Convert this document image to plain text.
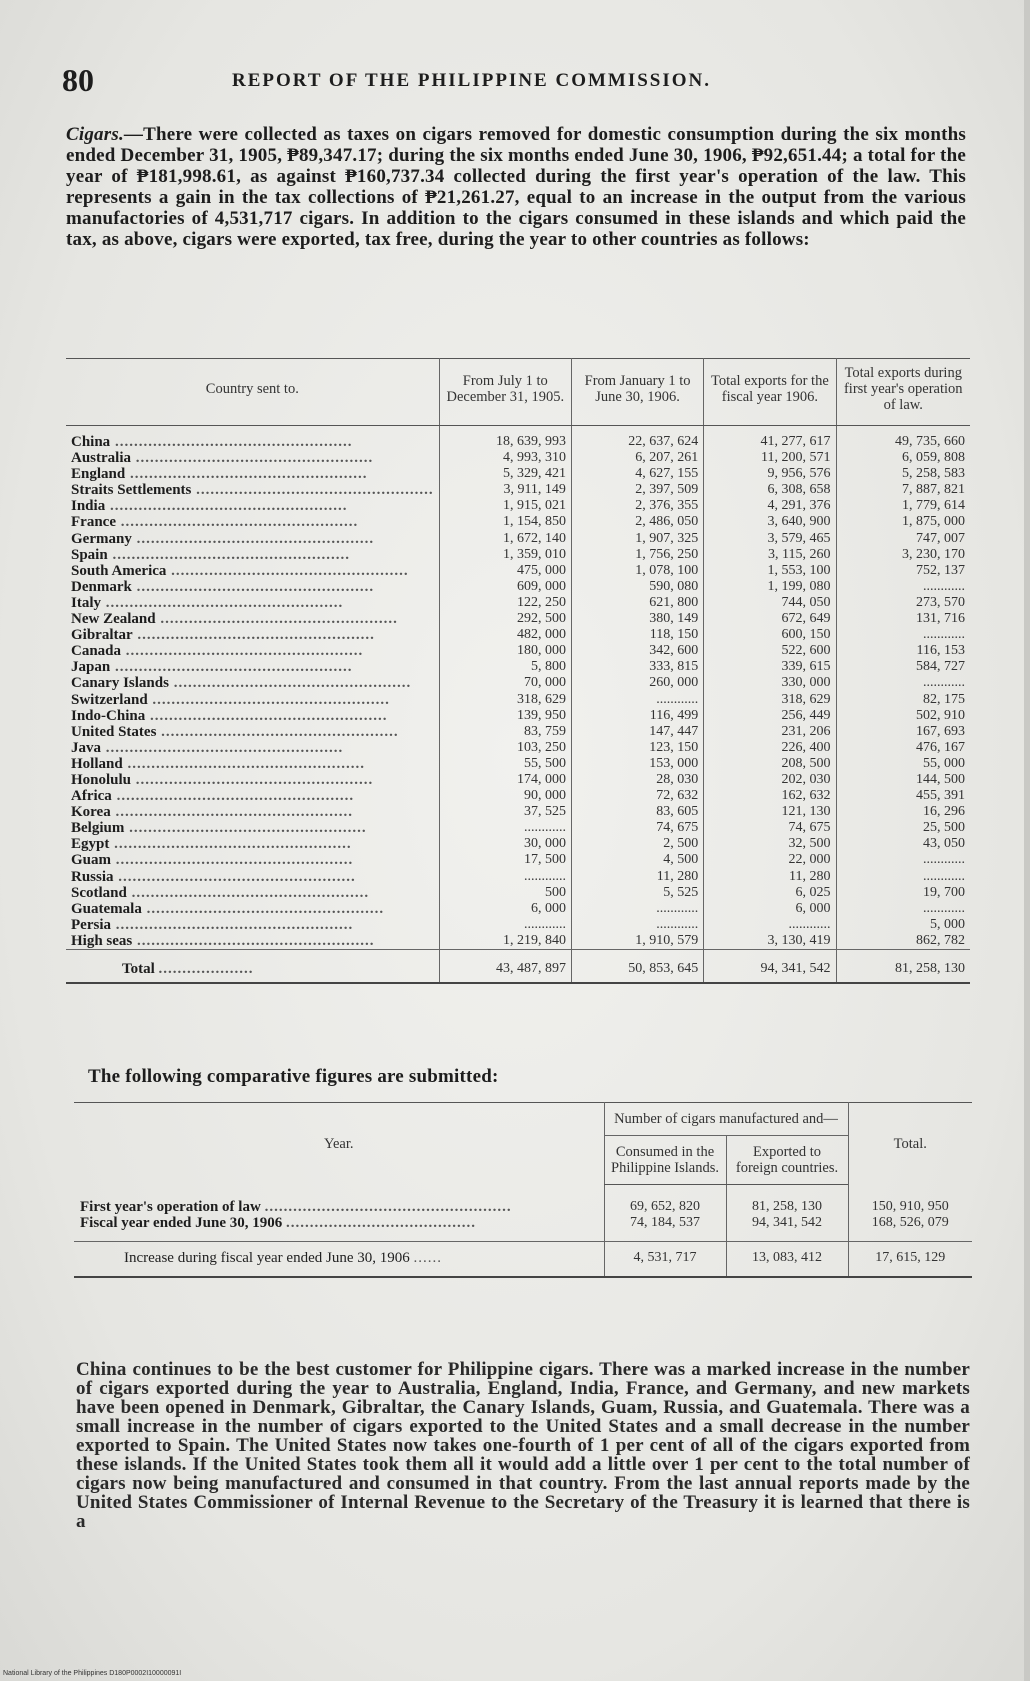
80	REPORT OF THE PHILIPPINE COMMISSION.
Cigars.—There were collected as taxes on cigars removed for domestic consumption during the six months ended December 31, 1905, ₱89,347.17; during the six months ended June 30, 1906, ₱92,651.44; a total for the year of ₱181,998.61, as against ₱160,737.34 collected during the first year's operation of the law. This represents a gain in the tax collections of ₱21,261.27, equal to an increase in the output from the various manufactories of 4,531,717 cigars. In addition to the cigars consumed in these islands and which paid the tax, as above, cigars were exported, tax free, during the year to other countries as follows:
Country sent to.	From July 1 to December 31, 1905.	From January 1 to June 30, 1906.	Total exports for the fiscal year 1906.	Total exports during first year's operation of law.
China ..................................................	18, 639, 993	22, 637, 624	41, 277, 617	49, 735, 660
Australia ..................................................	4, 993, 310	6, 207, 261	11, 200, 571	6, 059, 808
England ..................................................	5, 329, 421	4, 627, 155	9, 956, 576	5, 258, 583
Straits Settlements ..................................................	3, 911, 149	2, 397, 509	6, 308, 658	7, 887, 821
India ..................................................	1, 915, 021	2, 376, 355	4, 291, 376	1, 779, 614
France ..................................................	1, 154, 850	2, 486, 050	3, 640, 900	1, 875, 000
Germany ..................................................	1, 672, 140	1, 907, 325	3, 579, 465	747, 007
Spain ..................................................	1, 359, 010	1, 756, 250	3, 115, 260	3, 230, 170
South America ..................................................	475, 000	1, 078, 100	1, 553, 100	752, 137
Denmark ..................................................	609, 000	590, 080	1, 199, 080	............
Italy ..................................................	122, 250	621, 800	744, 050	273, 570
New Zealand ..................................................	292, 500	380, 149	672, 649	131, 716
Gibraltar ..................................................	482, 000	118, 150	600, 150	............
Canada ..................................................	180, 000	342, 600	522, 600	116, 153
Japan ..................................................	5, 800	333, 815	339, 615	584, 727
Canary Islands ..................................................	70, 000	260, 000	330, 000	............
Switzerland ..................................................	318, 629	............	318, 629	82, 175
Indo-China ..................................................	139, 950	116, 499	256, 449	502, 910
United States ..................................................	83, 759	147, 447	231, 206	167, 693
Java ..................................................	103, 250	123, 150	226, 400	476, 167
Holland ..................................................	55, 500	153, 000	208, 500	55, 000
Honolulu ..................................................	174, 000	28, 030	202, 030	144, 500
Africa ..................................................	90, 000	72, 632	162, 632	455, 391
Korea ..................................................	37, 525	83, 605	121, 130	16, 296
Belgium ..................................................	............	74, 675	74, 675	25, 500
Egypt ..................................................	30, 000	2, 500	32, 500	43, 050
Guam ..................................................	17, 500	4, 500	22, 000	............
Russia ..................................................	............	11, 280	11, 280	............
Scotland ..................................................	500	5, 525	6, 025	19, 700
Guatemala ..................................................	6, 000	............	6, 000	............
Persia ..................................................	............	............	............	5, 000
High seas ..................................................	1, 219, 840	1, 910, 579	3, 130, 419	862, 782
Total ....................	43, 487, 897	50, 853, 645	94, 341, 542	81, 258, 130
The following comparative figures are submitted:
Year.	Number of cigars manufactured and—		Total.
	Consumed in the Philippine Islands.	Exported to foreign countries.	
First year's operation of law ....................................................	69, 652, 820	81, 258, 130	150, 910, 950
Fiscal year ended June 30, 1906 ........................................	74, 184, 537	94, 341, 542	168, 526, 079
Increase during fiscal year ended June 30, 1906 ......	4, 531, 717	13, 083, 412	17, 615, 129
China continues to be the best customer for Philippine cigars. There was a marked increase in the number of cigars exported during the year to Australia, England, India, France, and Germany, and new markets have been opened in Denmark, Gibraltar, the Canary Islands, Guam, Russia, and Guatemala. There was a small increase in the number of cigars exported to the United States and a small decrease in the number exported to Spain. The United States now takes one-fourth of 1 per cent of all of the cigars exported from these islands. If the United States took them all it would add a little over 1 per cent to the total number of cigars now being manufactured and consumed in that country. From the last annual reports made by the United States Commissioner of Internal Revenue to the Secretary of the Treasury it is learned that there is a
National Library of the Philippines D180P0002I10000091I
